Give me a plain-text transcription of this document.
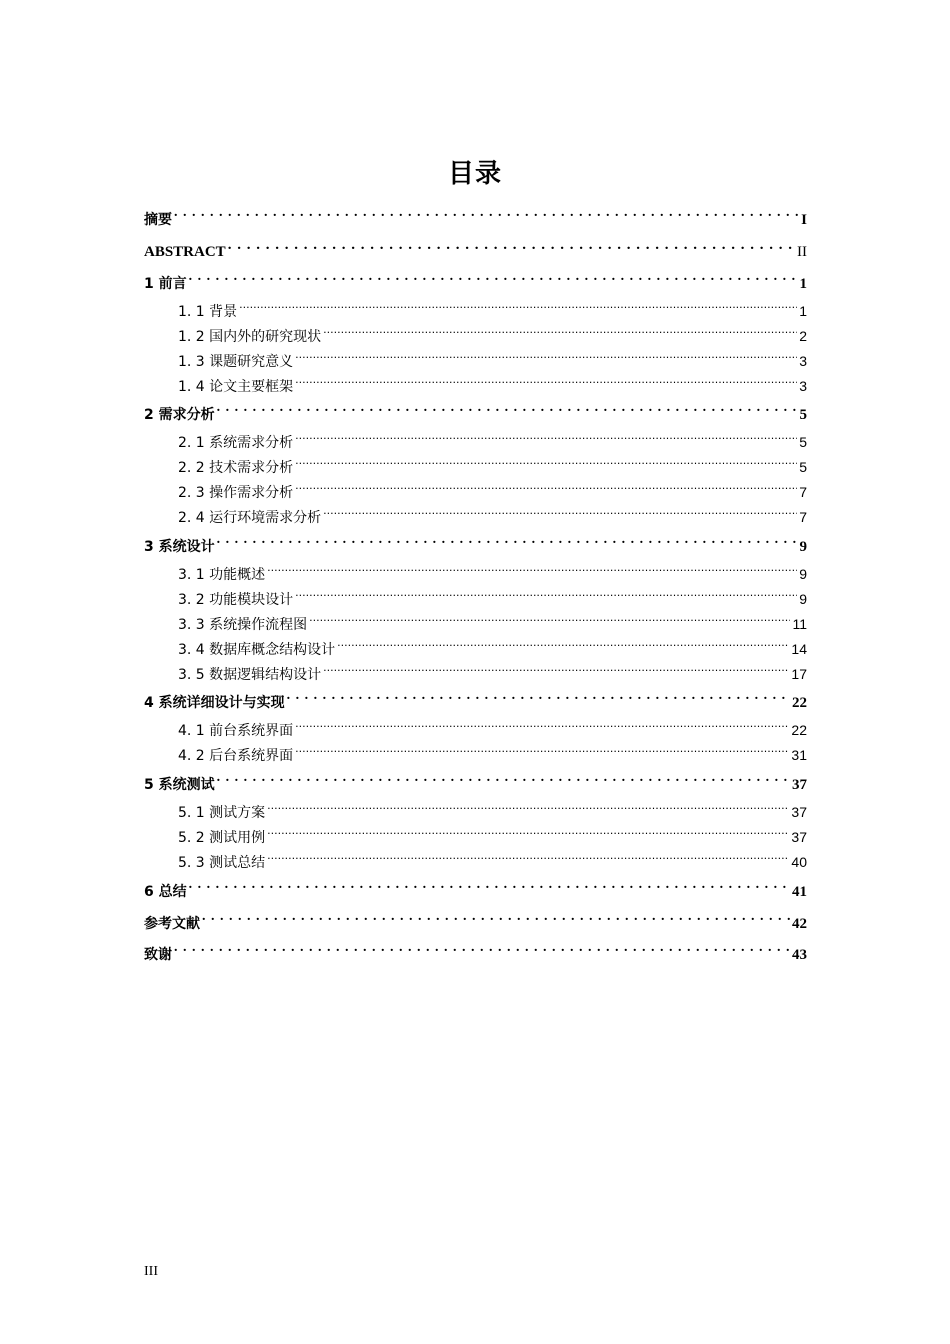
目录
摘要 . . .	I
ABSTRACT . . .	II
1 前言 . . .	1
1. 1 背景 .....	1
1. 2 国内外的研究现状 .....	2
1. 3 课题研究意义 .....	3
1. 4 论文主要框架 .....	3
2 需求分析 . . .	5
2. 1 系统需求分析 .....	5
2. 2 技术需求分析 .....	5
2. 3 操作需求分析 .....	7
2. 4 运行环境需求分析 .....	7
3 系统设计 . . .	9
3. 1 功能概述 .....	9
3. 2 功能模块设计 .....	9
3. 3 系统操作流程图 .....	11
3. 4 数据库概念结构设计 .....	14
3. 5 数据逻辑结构设计 .....	17
4 系统详细设计与实现 . . .	22
4. 1 前台系统界面 .....	22
4. 2 后台系统界面 .....	31
5 系统测试 . . .	37
5. 1 测试方案 .....	37
5. 2 测试用例 .....	37
5. 3 测试总结 .....	40
6 总结 . . .	41
参考文献 . . .	42
致谢 . . .	43
III
